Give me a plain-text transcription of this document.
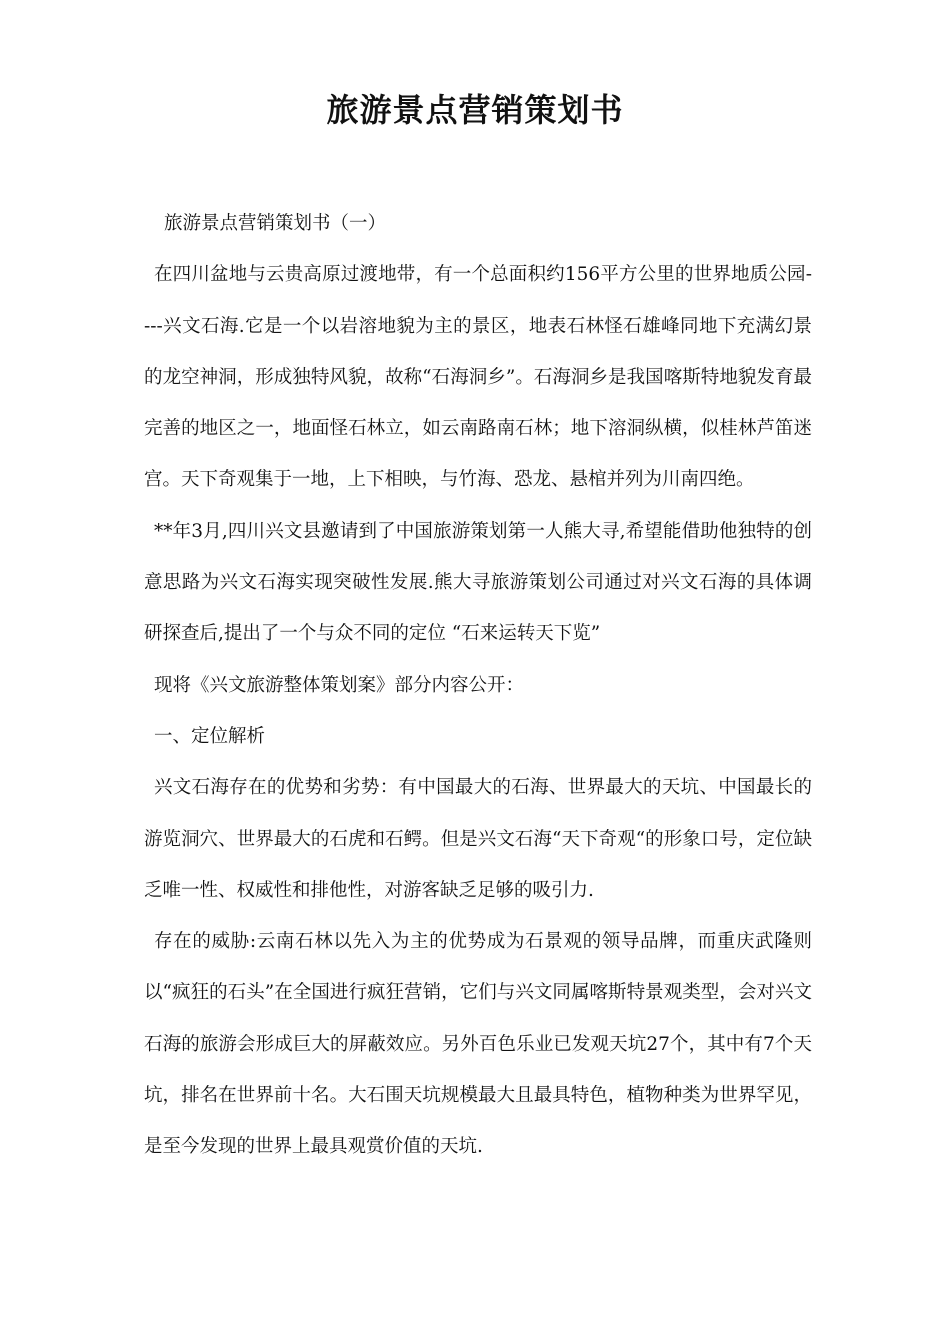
旅游景点营销策划书

旅游景点营销策划书（一）

在四川盆地与云贵高原过渡地带，有一个总面积约156平方公里的世界地质公园----兴文石海.它是一个以岩溶地貌为主的景区，地表石林怪石雄峰同地下充满幻景的龙空神洞，形成独特风貌，故称“石海洞乡”。石海洞乡是我国喀斯特地貌发育最完善的地区之一，地面怪石林立，如云南路南石林；地下溶洞纵横，似桂林芦笛迷宫。天下奇观集于一地，上下相映，与竹海、恐龙、悬棺并列为川南四绝。

**年3月,四川兴文县邀请到了中国旅游策划第一人熊大寻,希望能借助他独特的创意思路为兴文石海实现突破性发展.熊大寻旅游策划公司通过对兴文石海的具体调研探查后,提出了一个与众不同的定位 “石来运转天下览”

现将《兴文旅游整体策划案》部分内容公开：

一、定位解析

兴文石海存在的优势和劣势：有中国最大的石海、世界最大的天坑、中国最长的游览洞穴、世界最大的石虎和石鳄。但是兴文石海“天下奇观“的形象口号，定位缺乏唯一性、权威性和排他性，对游客缺乏足够的吸引力.

存在的威胁:云南石林以先入为主的优势成为石景观的领导品牌，而重庆武隆则以“疯狂的石头”在全国进行疯狂营销，它们与兴文同属喀斯特景观类型，会对兴文石海的旅游会形成巨大的屏蔽效应。另外百色乐业已发观天坑27个，其中有7个天坑，排名在世界前十名。大石围天坑规模最大且最具特色，植物种类为世界罕见，是至今发现的世界上最具观赏价值的天坑.
